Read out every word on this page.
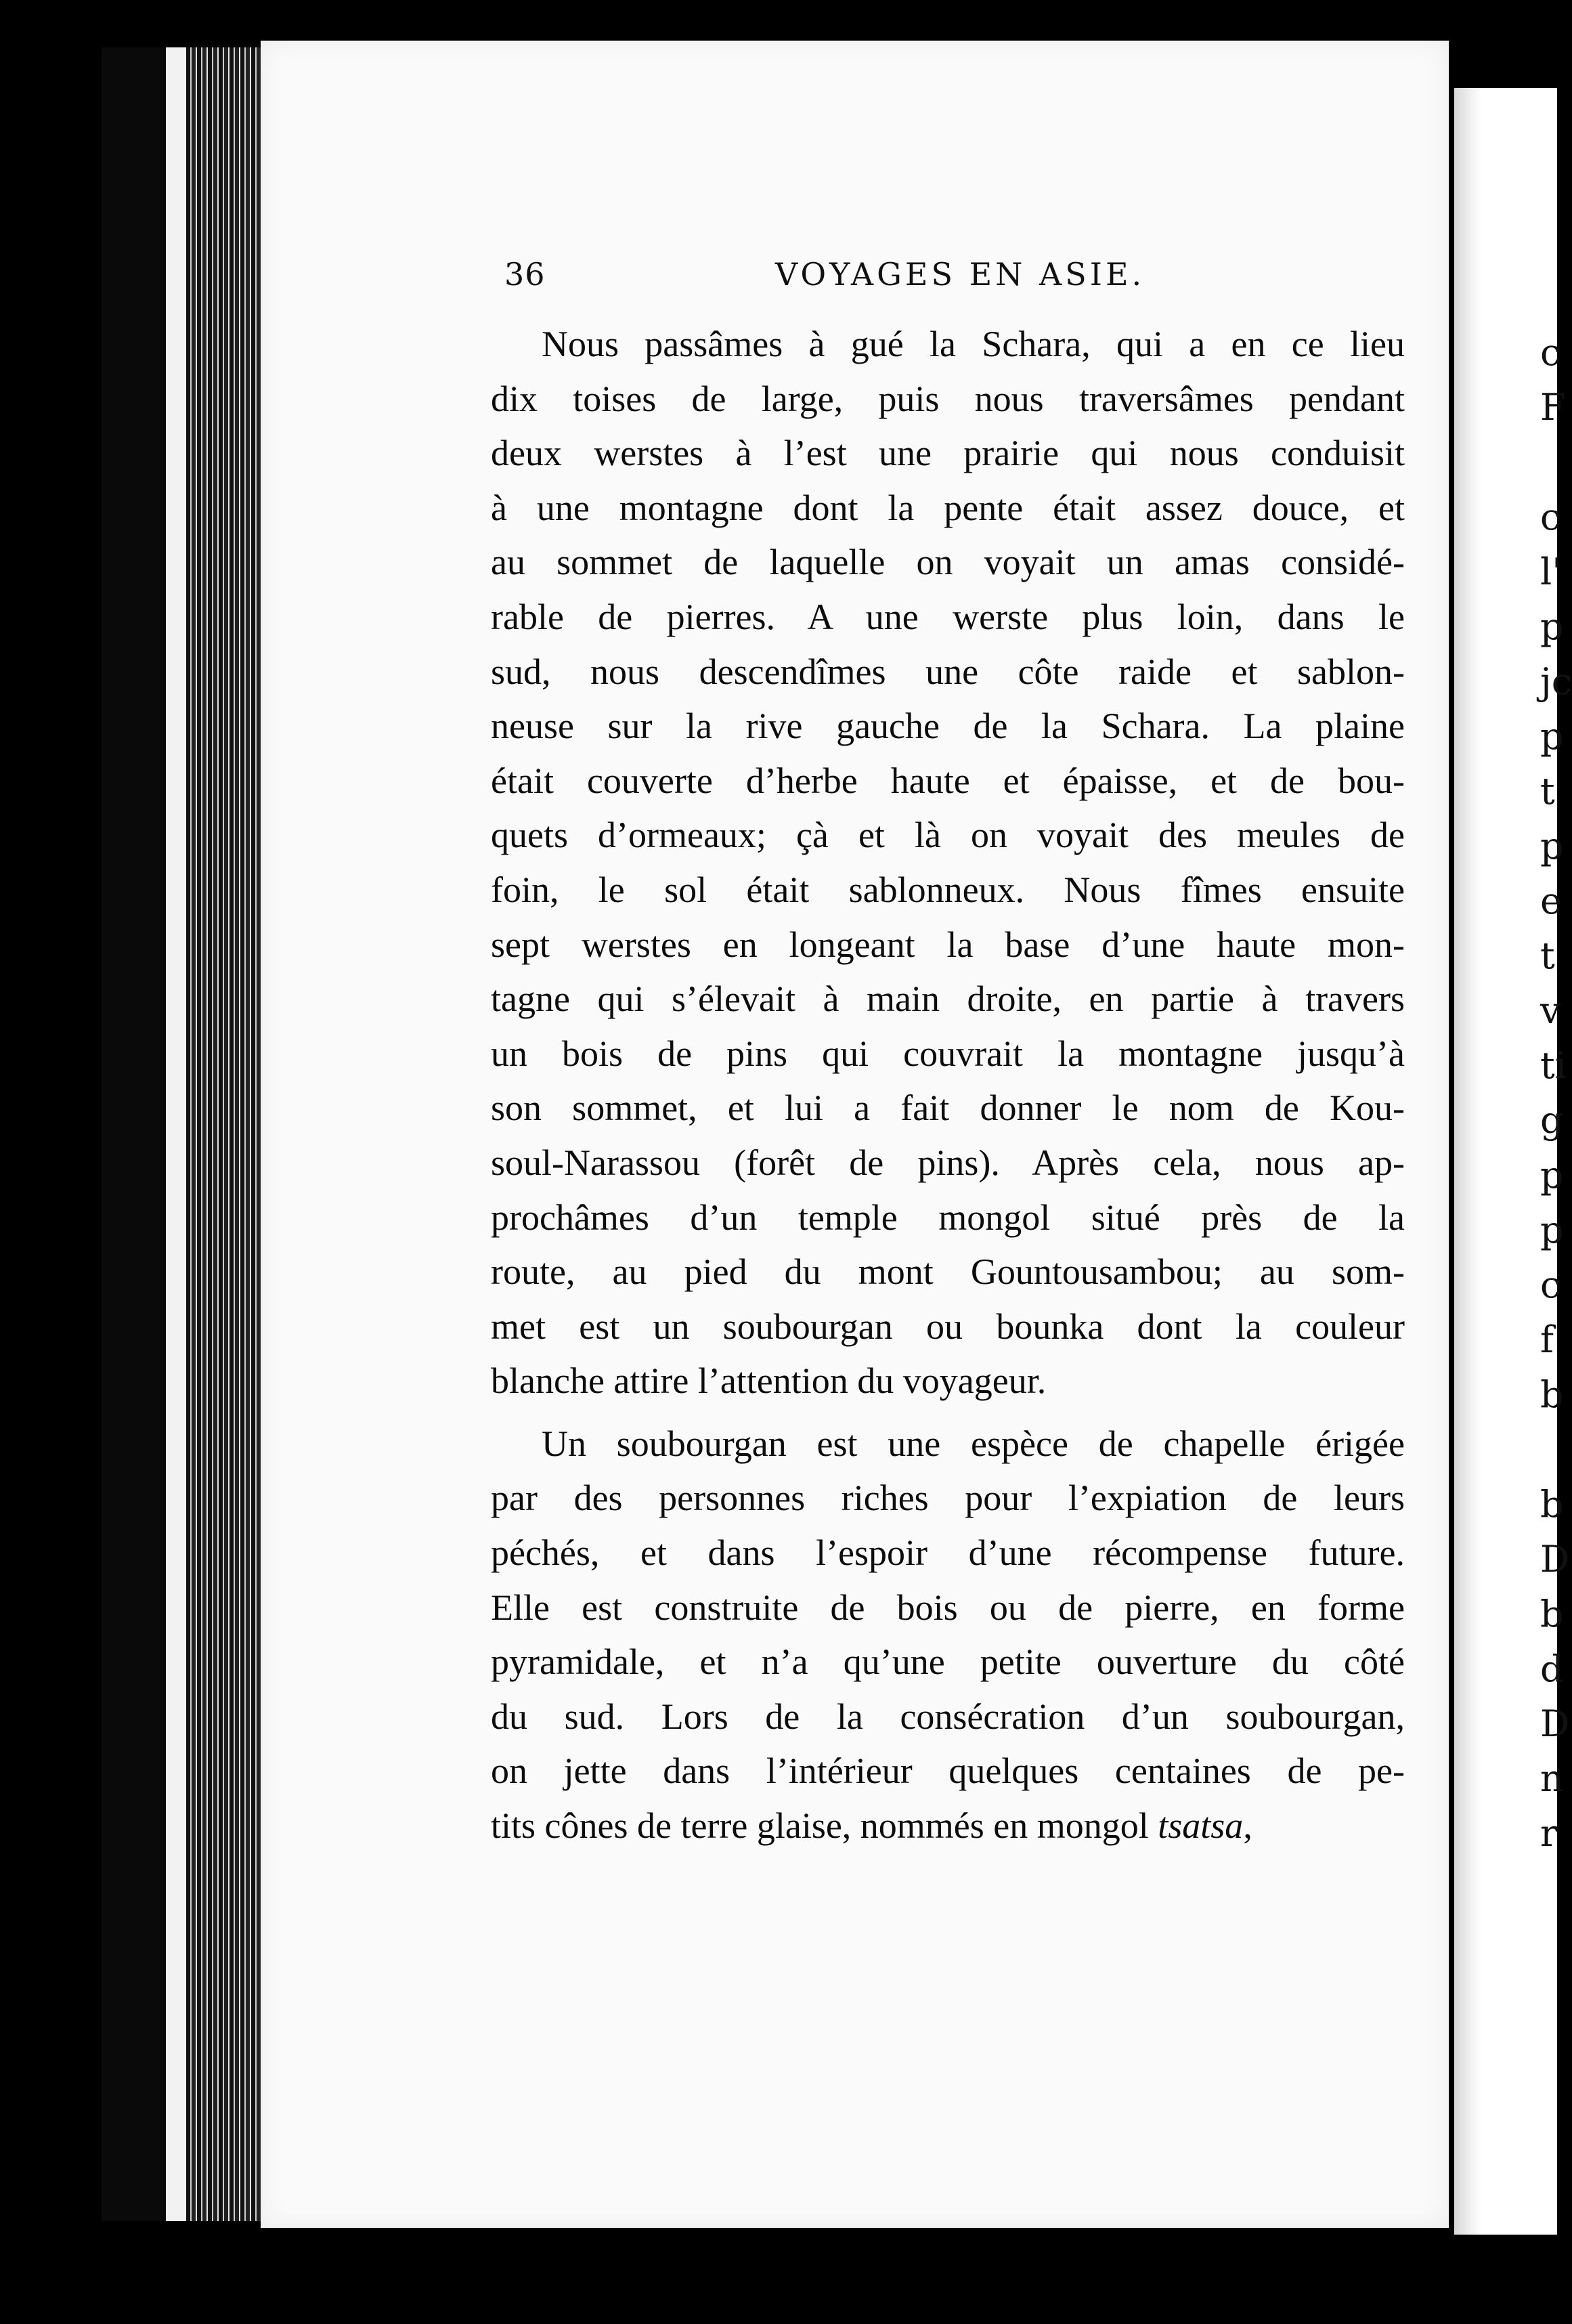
c
F

c
l'
p
jc
p
t
p
e
t
v
ti
g
p
p
c
f
b

b
D
b
d
D
n
r
36	VOYAGES EN ASIE.
Nous passâmes à gué la Schara, qui a en ce lieu
dix toises de large, puis nous traversâmes pendant
deux werstes à l’est une prairie qui nous conduisit
à une montagne dont la pente était assez douce, et
au sommet de laquelle on voyait un amas considé-
rable de pierres. A une werste plus loin, dans le
sud, nous descendîmes une côte raide et sablon-
neuse sur la rive gauche de la Schara. La plaine
était couverte d’herbe haute et épaisse, et de bou-
quets d’ormeaux; çà et là on voyait des meules de
foin, le sol était sablonneux. Nous fîmes ensuite
sept werstes en longeant la base d’une haute mon-
tagne qui s’élevait à main droite, en partie à travers
un bois de pins qui couvrait la montagne jusqu’à
son sommet, et lui a fait donner le nom de Kou-
soul-Narassou (forêt de pins). Après cela, nous ap-
prochâmes d’un temple mongol situé près de la
route, au pied du mont Gountousambou; au som-
met est un soubourgan ou bounka dont la couleur
blanche attire l’attention du voyageur.
Un soubourgan est une espèce de chapelle érigée
par des personnes riches pour l’expiation de leurs
péchés, et dans l’espoir d’une récompense future.
Elle est construite de bois ou de pierre, en forme
pyramidale, et n’a qu’une petite ouverture du côté
du sud. Lors de la consécration d’un soubourgan,
on jette dans l’intérieur quelques centaines de pe-
tits cônes de terre glaise, nommés en mongol tsatsa,
